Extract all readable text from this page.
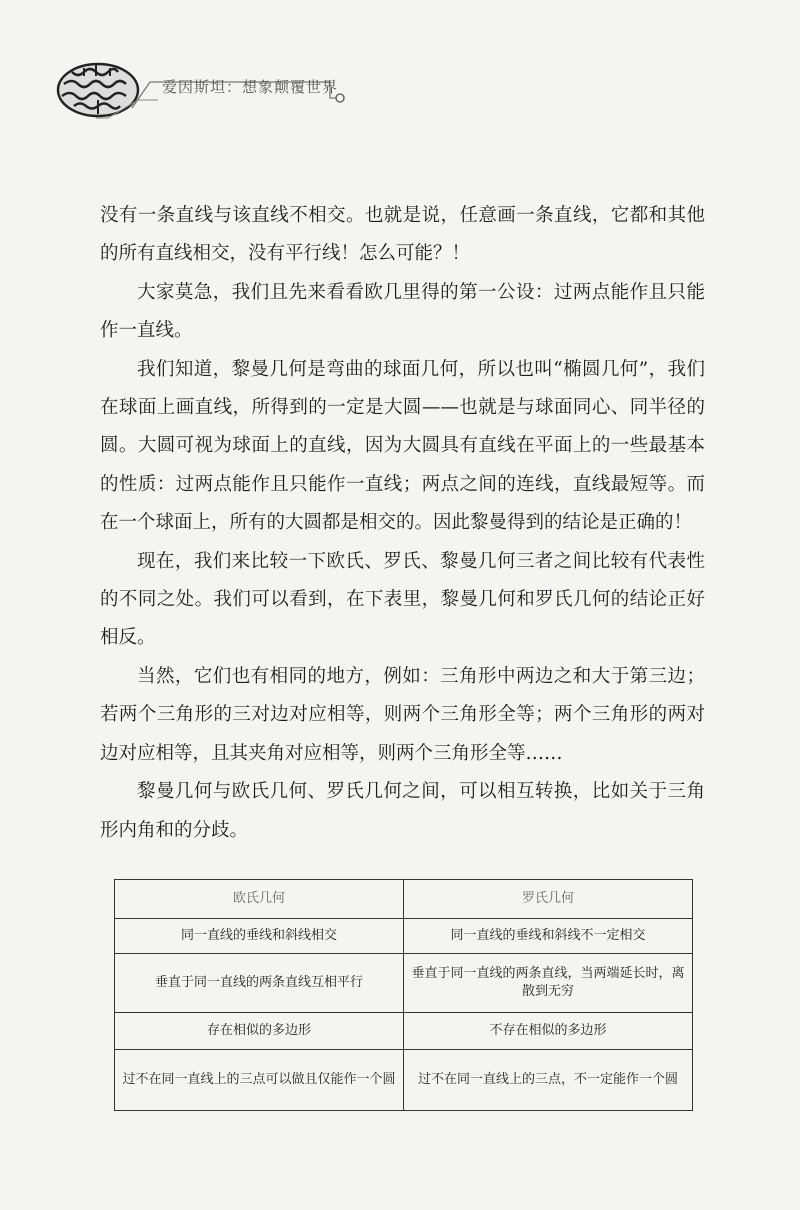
爱因斯坦：想象颠覆世界

没有一条直线与该直线不相交。也就是说，任意画一条直线，它都和其他的所有直线相交，没有平行线！怎么可能？！

大家莫急，我们且先来看看欧几里得的第一公设：过两点能作且只能作一直线。

我们知道，黎曼几何是弯曲的球面几何，所以也叫“椭圆几何”，我们在球面上画直线，所得到的一定是大圆——也就是与球面同心、同半径的圆。大圆可视为球面上的直线，因为大圆具有直线在平面上的一些最基本的性质：过两点能作且只能作一直线；两点之间的连线，直线最短等。而在一个球面上，所有的大圆都是相交的。因此黎曼得到的结论是正确的！

现在，我们来比较一下欧氏、罗氏、黎曼几何三者之间比较有代表性的不同之处。我们可以看到，在下表里，黎曼几何和罗氏几何的结论正好相反。

当然，它们也有相同的地方，例如：三角形中两边之和大于第三边；若两个三角形的三对边对应相等，则两个三角形全等；两个三角形的两对边对应相等，且其夹角对应相等，则两个三角形全等……

黎曼几何与欧氏几何、罗氏几何之间，可以相互转换，比如关于三角形内角和的分歧。

欧氏几何	罗氏几何
同一直线的垂线和斜线相交	同一直线的垂线和斜线不一定相交
垂直于同一直线的两条直线互相平行	垂直于同一直线的两条直线，当两端延长时，离散到无穷
存在相似的多边形	不存在相似的多边形
过不在同一直线上的三点可以做且仅能作一个圆	过不在同一直线上的三点，不一定能作一个圆
